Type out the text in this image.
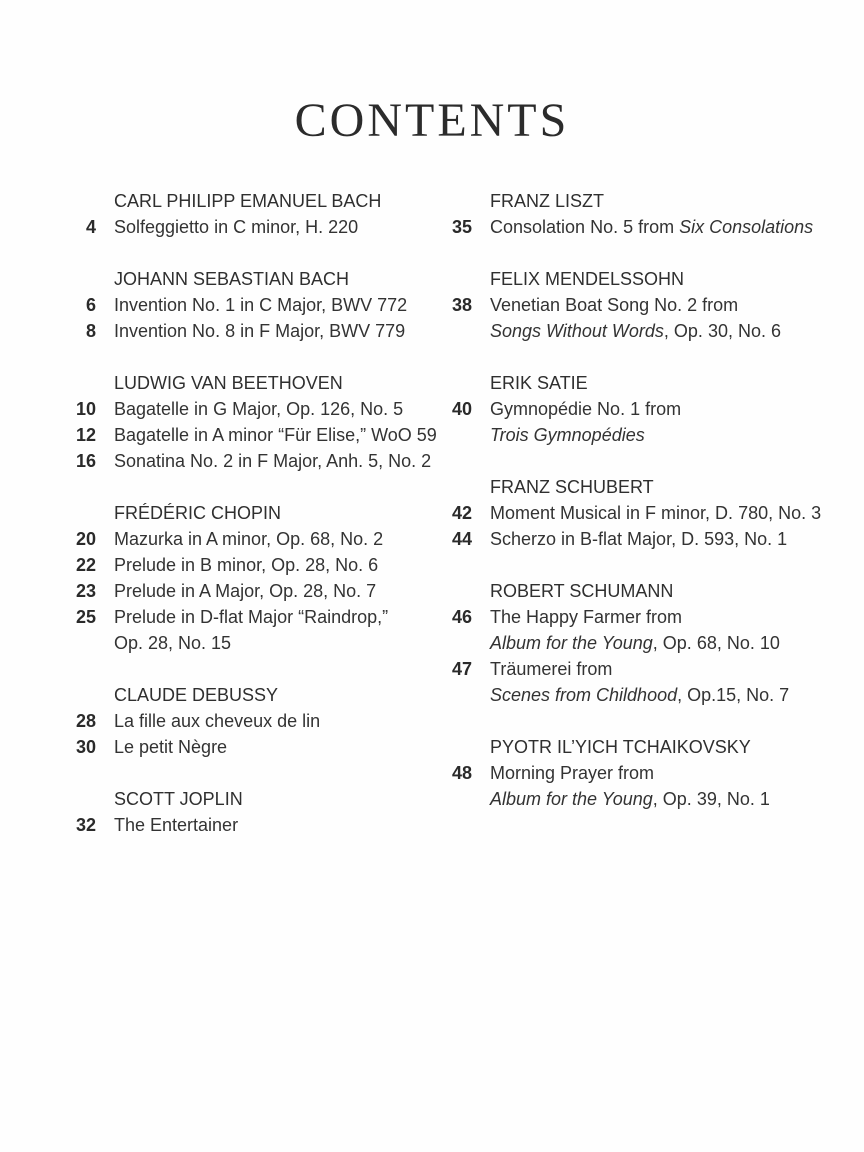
CONTENTS
CARL PHILIPP EMANUEL BACH
4 Solfeggietto in C minor, H. 220
JOHANN SEBASTIAN BACH
6 Invention No. 1 in C Major, BWV 772
8 Invention No. 8 in F Major, BWV 779
LUDWIG VAN BEETHOVEN
10 Bagatelle in G Major, Op. 126, No. 5
12 Bagatelle in A minor “Für Elise,” WoO 59
16 Sonatina No. 2 in F Major, Anh. 5, No. 2
FRÉDÉRIC CHOPIN
20 Mazurka in A minor, Op. 68, No. 2
22 Prelude in B minor, Op. 28, No. 6
23 Prelude in A Major, Op. 28, No. 7
25 Prelude in D-flat Major “Raindrop,”
Op. 28, No. 15
CLAUDE DEBUSSY
28 La fille aux cheveux de lin
30 Le petit Nègre
SCOTT JOPLIN
32 The Entertainer
FRANZ LISZT
35 Consolation No. 5 from Six Consolations
FELIX MENDELSSOHN
38 Venetian Boat Song No. 2 from
Songs Without Words, Op. 30, No. 6
ERIK SATIE
40 Gymnopédie No. 1 from
Trois Gymnopédies
FRANZ SCHUBERT
42 Moment Musical in F minor, D. 780, No. 3
44 Scherzo in B-flat Major, D. 593, No. 1
ROBERT SCHUMANN
46 The Happy Farmer from
Album for the Young, Op. 68, No. 10
47 Träumerei from
Scenes from Childhood, Op.15, No. 7
PYOTR IL’YICH TCHAIKOVSKY
48 Morning Prayer from
Album for the Young, Op. 39, No. 1
